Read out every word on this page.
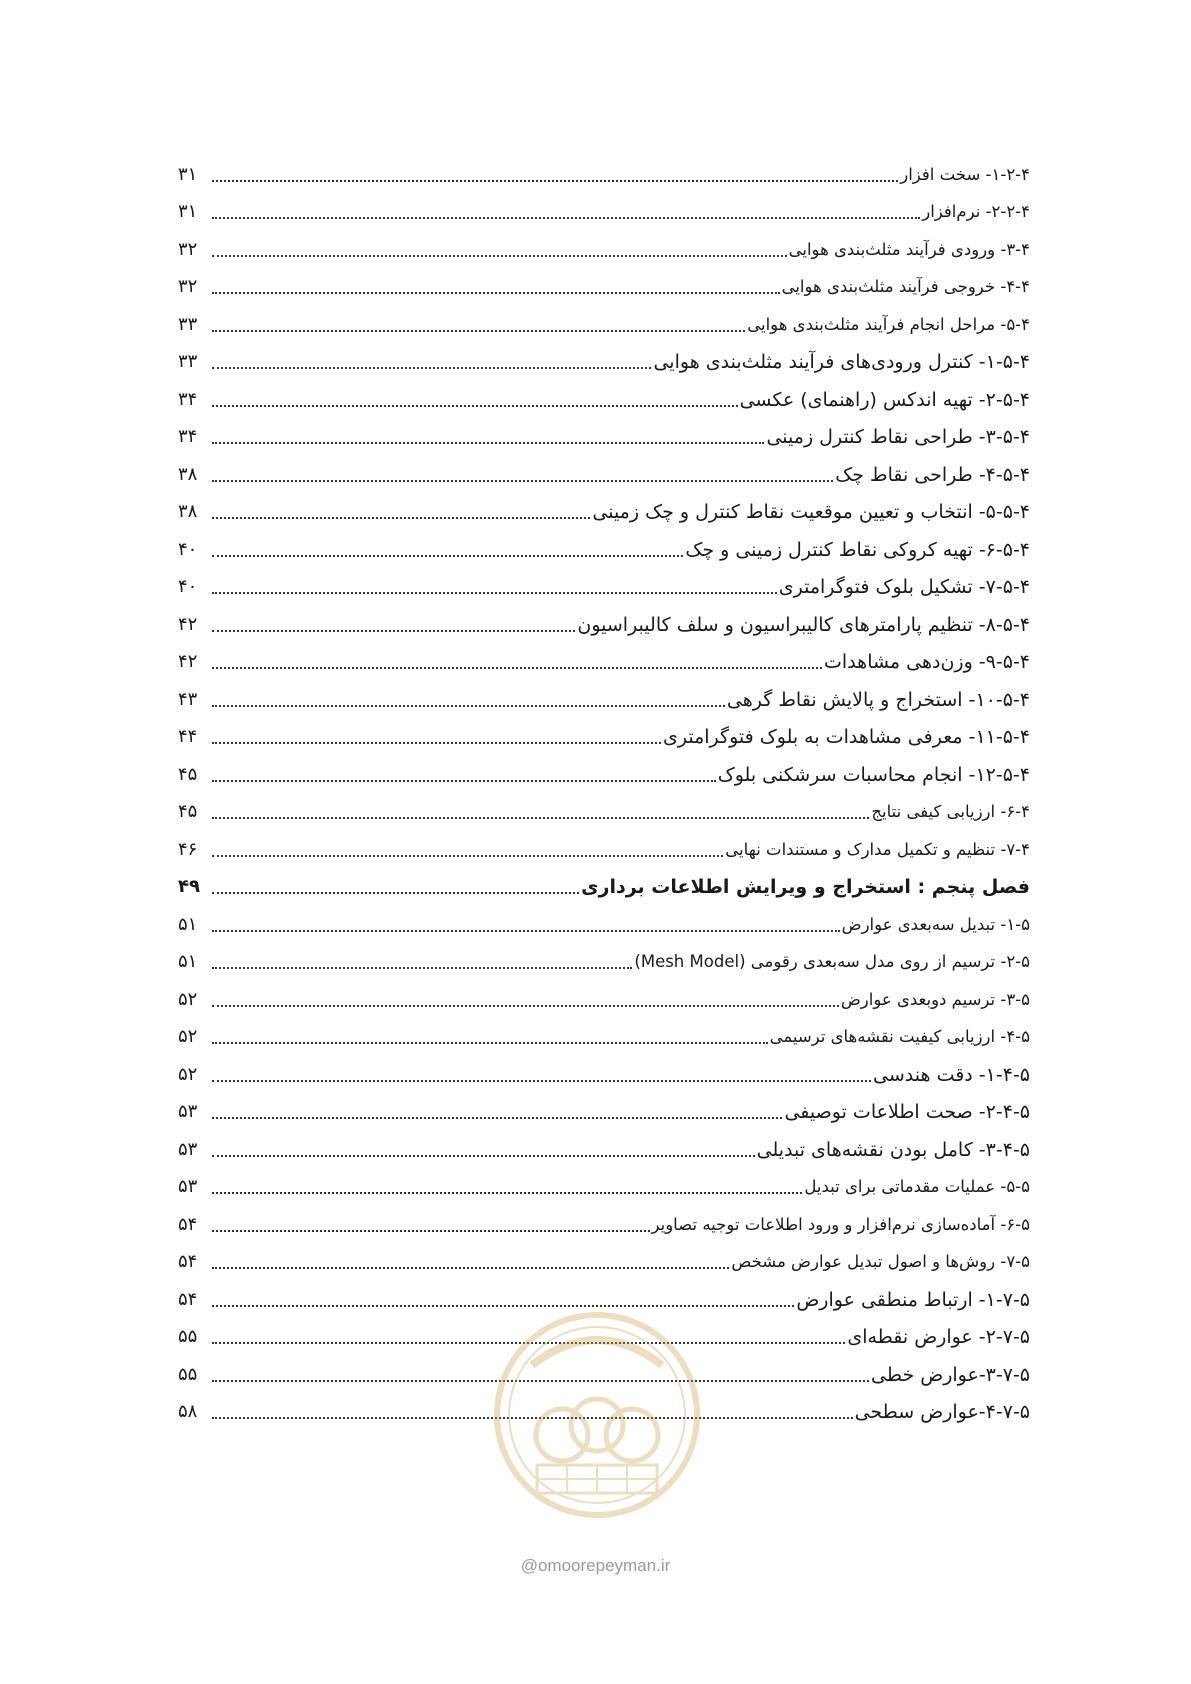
۱-۲-۴- سخت افزار
۳۱
۲-۲-۴- نرم‌افزار
۳۱
۳-۴- ورودی فرآیند مثلث‌بندی هوایی
۳۲
۴-۴- خروجی فرآیند مثلث‌بندی هوایی
۳۲
۵-۴- مراحل انجام فرآیند مثلث‌بندی هوایی
۳۳
۱-۵-۴- کنترل ورودی‌های فرآیند مثلث‌بندی هوایی
۳۳
۲-۵-۴- تهیه اندکس (راهنمای) عکسی
۳۴
۳-۵-۴- طراحی نقاط کنترل زمینی
۳۴
۴-۵-۴- طراحی نقاط چک
۳۸
۵-۵-۴- انتخاب و تعیین موقعیت نقاط کنترل و چک زمینی
۳۸
۶-۵-۴- تهیه کروکی نقاط کنترل زمینی و چک
۴۰
۷-۵-۴- تشکیل بلوک فتوگرامتری
۴۰
۸-۵-۴- تنظیم پارامترهای کالیبراسیون و سلف کالیبراسیون
۴۲
۹-۵-۴- وزن‌دهی مشاهدات
۴۲
۱۰-۵-۴- استخراج و پالایش نقاط گرهی
۴۳
۱۱-۵-۴- معرفی مشاهدات به بلوک فتوگرامتری
۴۴
۱۲-۵-۴- انجام محاسبات سرشکنی بلوک
۴۵
۶-۴- ارزیابی کیفی نتایج
۴۵
۷-۴- تنظیم و تکمیل مدارک و مستندات نهایی
۴۶
فصل پنجم : استخراج و ویرایش اطلاعات برداری
۴۹
۱-۵- تبدیل سه‌بعدی عوارض
۵۱
۲-۵- ترسیم از روی مدل سه‌بعدی رقومی (Mesh Model)
۵۱
۳-۵- ترسیم دوبعدی عوارض
۵۲
۴-۵- ارزیابی کیفیت نقشه‌های ترسیمی
۵۲
۱-۴-۵- دقت هندسی
۵۲
۲-۴-۵- صحت اطلاعات توصیفی
۵۳
۳-۴-۵- کامل بودن نقشه‌های تبدیلی
۵۳
۵-۵- عملیات مقدماتی برای تبدیل
۵۳
۶-۵- آماده‌سازی نرم‌افزار و ورود اطلاعات توجیه تصاویر
۵۴
۷-۵- روش‌ها و اصول تبدیل عوارض مشخص
۵۴
۱-۷-۵- ارتباط منطقی عوارض
۵۴
۲-۷-۵- عوارض نقطه‌ای
۵۵
۳-۷-۵-عوارض خطی
۵۵
۴-۷-۵-عوارض سطحی
۵۸
@omoorepeyman.ir
